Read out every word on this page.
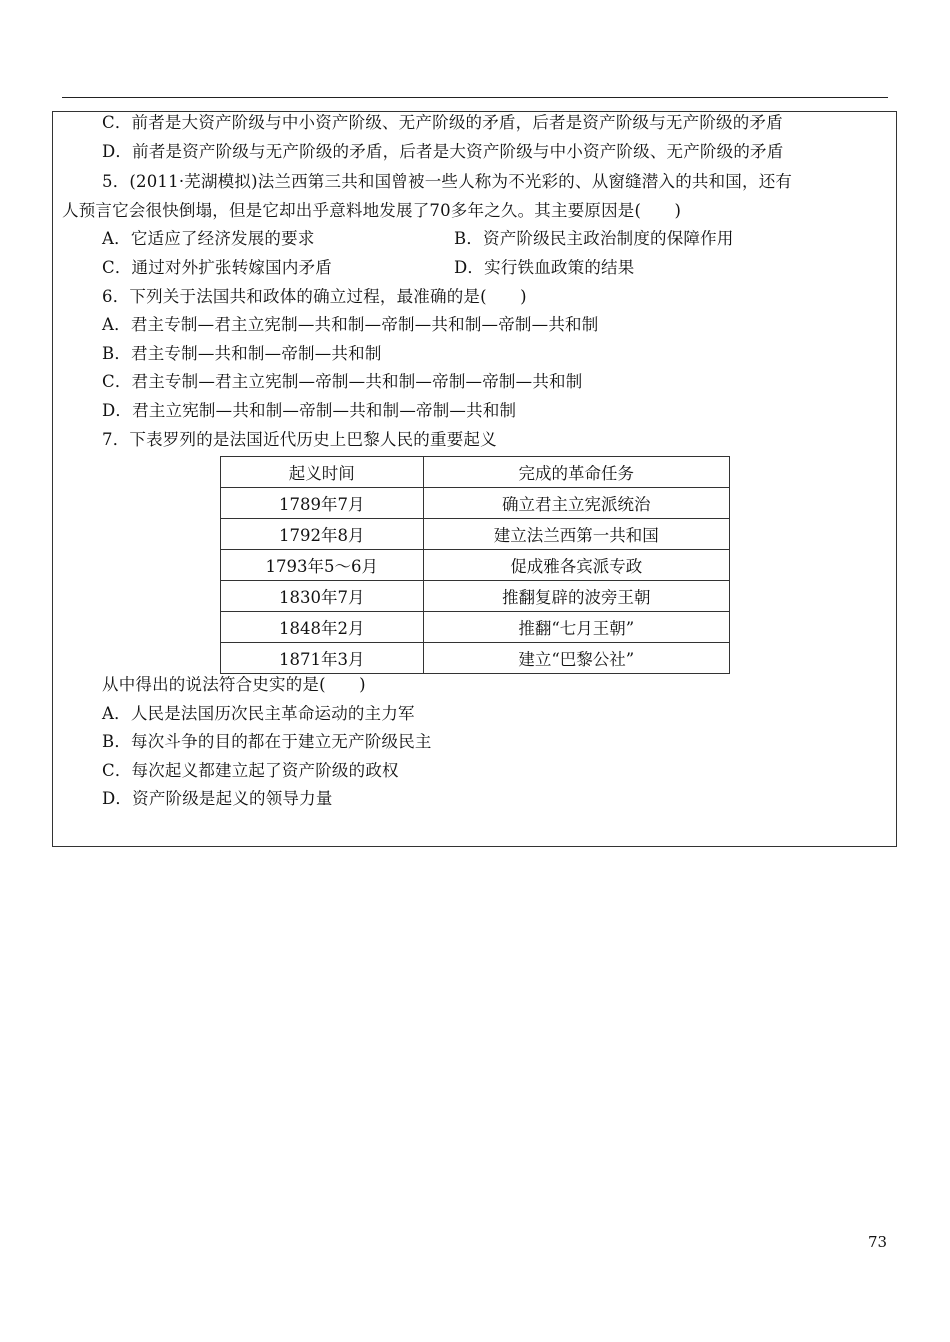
C．前者是大资产阶级与中小资产阶级、无产阶级的矛盾，后者是资产阶级与无产阶级的矛盾
D．前者是资产阶级与无产阶级的矛盾，后者是大资产阶级与中小资产阶级、无产阶级的矛盾
5．(2011·芜湖模拟)法兰西第三共和国曾被一些人称为不光彩的、从窗缝潜入的共和国，还有
人预言它会很快倒塌，但是它却出乎意料地发展了70多年之久。其主要原因是(　　)
A．它适应了经济发展的要求	B．资产阶级民主政治制度的保障作用
C．通过对外扩张转嫁国内矛盾	D．实行铁血政策的结果
6．下列关于法国共和政体的确立过程，最准确的是(　　)
A．君主专制—君主立宪制—共和制—帝制—共和制—帝制—共和制
B．君主专制—共和制—帝制—共和制
C．君主专制—君主立宪制—帝制—共和制—帝制—帝制—共和制
D．君主立宪制—共和制—帝制—共和制—帝制—共和制
7．下表罗列的是法国近代历史上巴黎人民的重要起义
起义时间	完成的革命任务
1789年7月	确立君主立宪派统治
1792年8月	建立法兰西第一共和国
1793年5～6月	促成雅各宾派专政
1830年7月	推翻复辟的波旁王朝
1848年2月	推翻“七月王朝”
1871年3月	建立“巴黎公社”
从中得出的说法符合史实的是(　　)
A．人民是法国历次民主革命运动的主力军
B．每次斗争的目的都在于建立无产阶级民主
C．每次起义都建立起了资产阶级的政权
D．资产阶级是起义的领导力量
73
